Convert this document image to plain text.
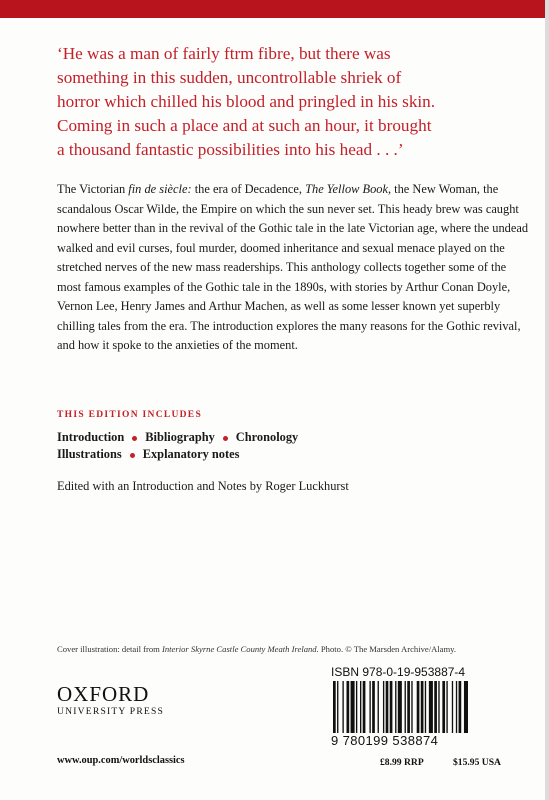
‘He was a man of fairly ftrm fibre, but there was
something in this sudden, uncontrollable shriek of
horror which chilled his blood and pringled in his skin.
Coming in such a place and at such an hour, it brought
a thousand fantastic possibilities into his head . . .’

The Victorian fin de siècle: the era of Decadence, The Yellow Book, the New Woman, the scandalous Oscar Wilde, the Empire on which the sun never set. This heady brew was caught nowhere better than in the revival of the Gothic tale in the late Victorian age, where the undead walked and evil curses, foul murder, doomed inheritance and sexual menace played on the stretched nerves of the new mass readerships. This anthology collects together some of the most famous examples of the Gothic tale in the 1890s, with stories by Arthur Conan Doyle, Vernon Lee, Henry James and Arthur Machen, as well as some lesser known yet superbly chilling tales from the era. The introduction explores the many reasons for the Gothic revival, and how it spoke to the anxieties of the moment.

THIS EDITION INCLUDES
Introduction Bibliography Chronology
Illustrations Explanatory notes
Edited with an Introduction and Notes by Roger Luckhurst
Cover illustration: detail from Interior Skyrne Castle County Meath Ireland. Photo. © The Marsden Archive/Alamy.
OXFORD
UNIVERSITY PRESS
ISBN 978-0-19-953887-4
9 780199 538874
www.oup.com/worldsclassics	£8.99 RRP	$15.95 USA
